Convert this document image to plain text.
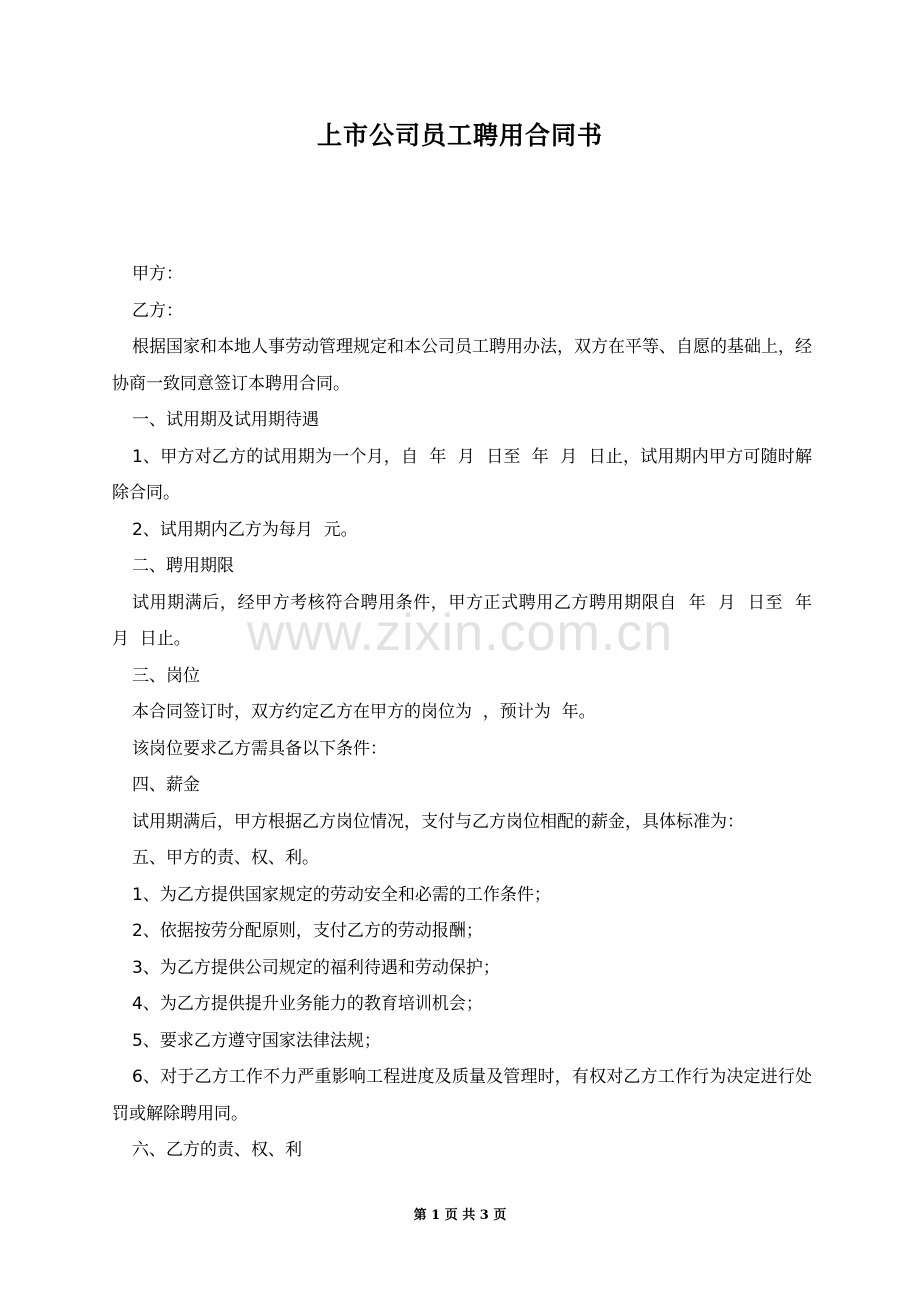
上市公司员工聘用合同书

甲方：

乙方：

根据国家和本地人事劳动管理规定和本公司员工聘用办法，双方在平等、自愿的基础上，经协商一致同意签订本聘用合同。

一、试用期及试用期待遇

1、甲方对乙方的试用期为一个月，自  年  月  日至  年  月  日止，试用期内甲方可随时解除合同。

2、试用期内乙方为每月  元。

二、聘用期限

试用期满后，经甲方考核符合聘用条件，甲方正式聘用乙方聘用期限自  年  月  日至  年  月  日止。

三、岗位

本合同签订时，双方约定乙方在甲方的岗位为  ，预计为  年。

该岗位要求乙方需具备以下条件：

四、薪金

试用期满后，甲方根据乙方岗位情况，支付与乙方岗位相配的薪金，具体标准为：

五、甲方的责、权、利。

1、为乙方提供国家规定的劳动安全和必需的工作条件；

2、依据按劳分配原则，支付乙方的劳动报酬；

3、为乙方提供公司规定的福利待遇和劳动保护；

4、为乙方提供提升业务能力的教育培训机会；

5、要求乙方遵守国家法律法规；

6、对于乙方工作不力严重影响工程进度及质量及管理时，有权对乙方工作行为决定进行处罚或解除聘用同。

六、乙方的责、权、利

www.zixin.com.cn
第 1 页 共 3 页
